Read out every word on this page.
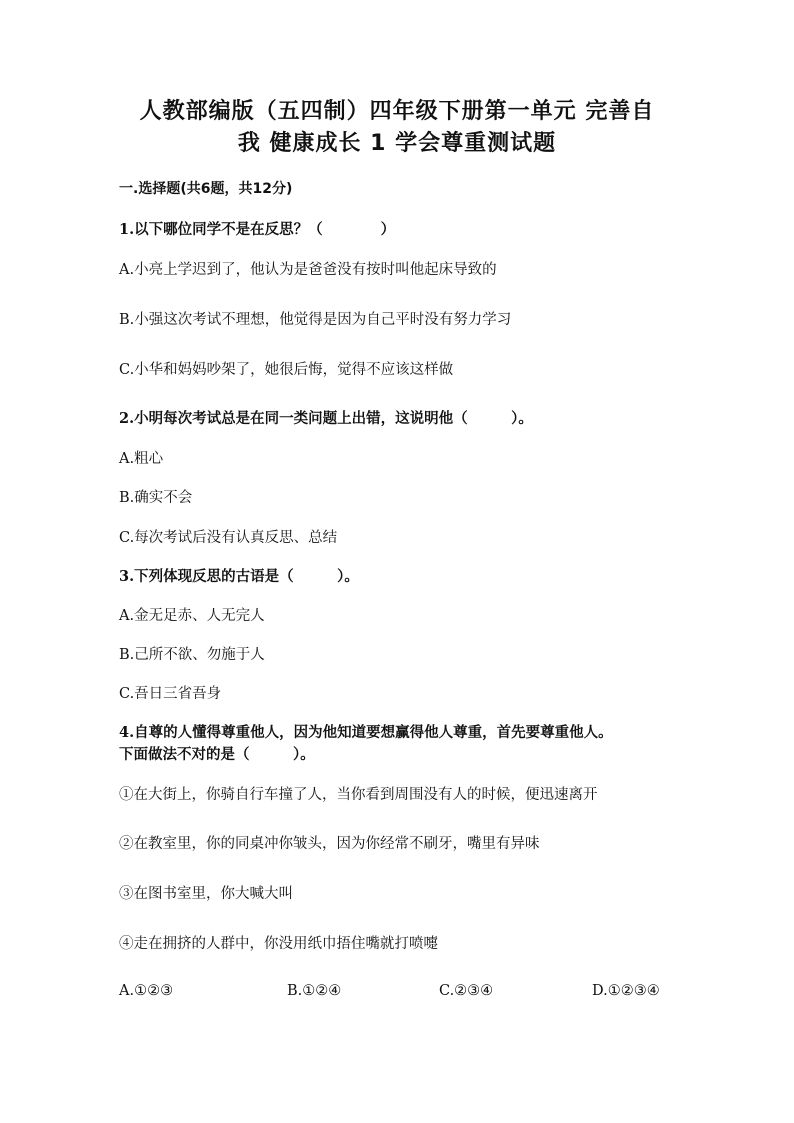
人教部编版（五四制）四年级下册第一单元 完善自
我 健康成长 1 学会尊重测试题
一.选择题(共6题，共12分)
1.以下哪位同学不是在反思？（　　　　）
A.小亮上学迟到了，他认为是爸爸没有按时叫他起床导致的
B.小强这次考试不理想，他觉得是因为自己平时没有努力学习
C.小华和妈妈吵架了，她很后悔，觉得不应该这样做
2.小明每次考试总是在同一类问题上出错，这说明他（　　　）。
A.粗心
B.确实不会
C.每次考试后没有认真反思、总结
3.下列体现反思的古语是（　　　）。
A.金无足赤、人无完人
B.己所不欲、勿施于人
C.吾日三省吾身
4.自尊的人懂得尊重他人，因为他知道要想赢得他人尊重，首先要尊重他人。
下面做法不对的是（　　　）。
①在大街上，你骑自行车撞了人，当你看到周围没有人的时候，便迅速离开
②在教室里，你的同桌冲你皱头，因为你经常不刷牙，嘴里有异味
③在图书室里，你大喊大叫
④走在拥挤的人群中，你没用纸巾捂住嘴就打喷嚏
A.①②③	B.①②④	C.②③④	D.①②③④
